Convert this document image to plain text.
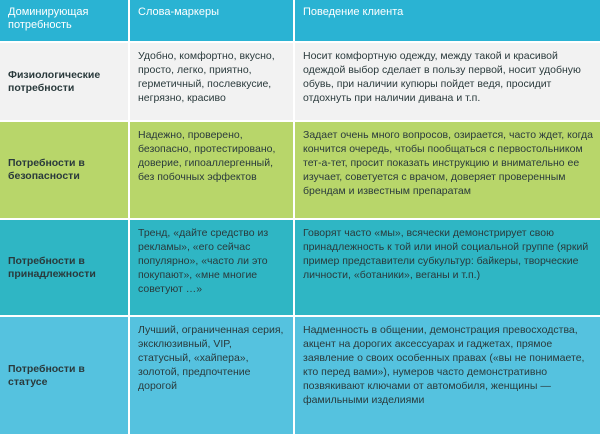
Доминирующая потребность
Слова-маркеры	Поведение клиента
Физиологические потребности
Удобно, комфортно, вкусно, просто, легко, приятно, герметичный, послевкусие, негрязно, красиво
Носит комфортную одежду, между такой и красивой одеждой выбор сделает в пользу первой, носит удобную обувь, при наличии купюры пойдет ведя, просидит отдохнуть при наличии дивана и т.п.
Потребности в безопасности
Надежно, проверено, безопасно, протестировано, доверие, гипоаллергенный, без побочных эффектов
Задает очень много вопросов, озирается, часто ждет, когда кончится очередь, чтобы пообщаться с первостольником тет-а-тет, просит показать инструкцию и внимательно ее изучает, советуется с врачом, доверяет проверенным брендам и известным препаратам
Потребности в принадлежности
Тренд, «дайте средство из рекламы», «его сейчас популярно», «часто ли это покупают», «мне многие советуют …»
Говорят часто «мы», всячески демонстрирует свою принадлежность к той или иной социальной группе (яркий пример представители субкультур: байкеры, творческие личности, «ботаники», веганы и т.п.)
Потребности в статусе
Лучший, ограниченная серия, эксклюзивный, VIP, статусный, «хайпера», золотой, предпочтение дорогой
Надменность в общении, демонстрация превосходства, акцент на дорогих аксессуарах и гаджетах, прямое заявление о своих особенных правах («вы не понимаете, кто перед вами»), нумеров часто демонстративно позвякивают ключами от автомобиля, женщины — фамильными изделиями
